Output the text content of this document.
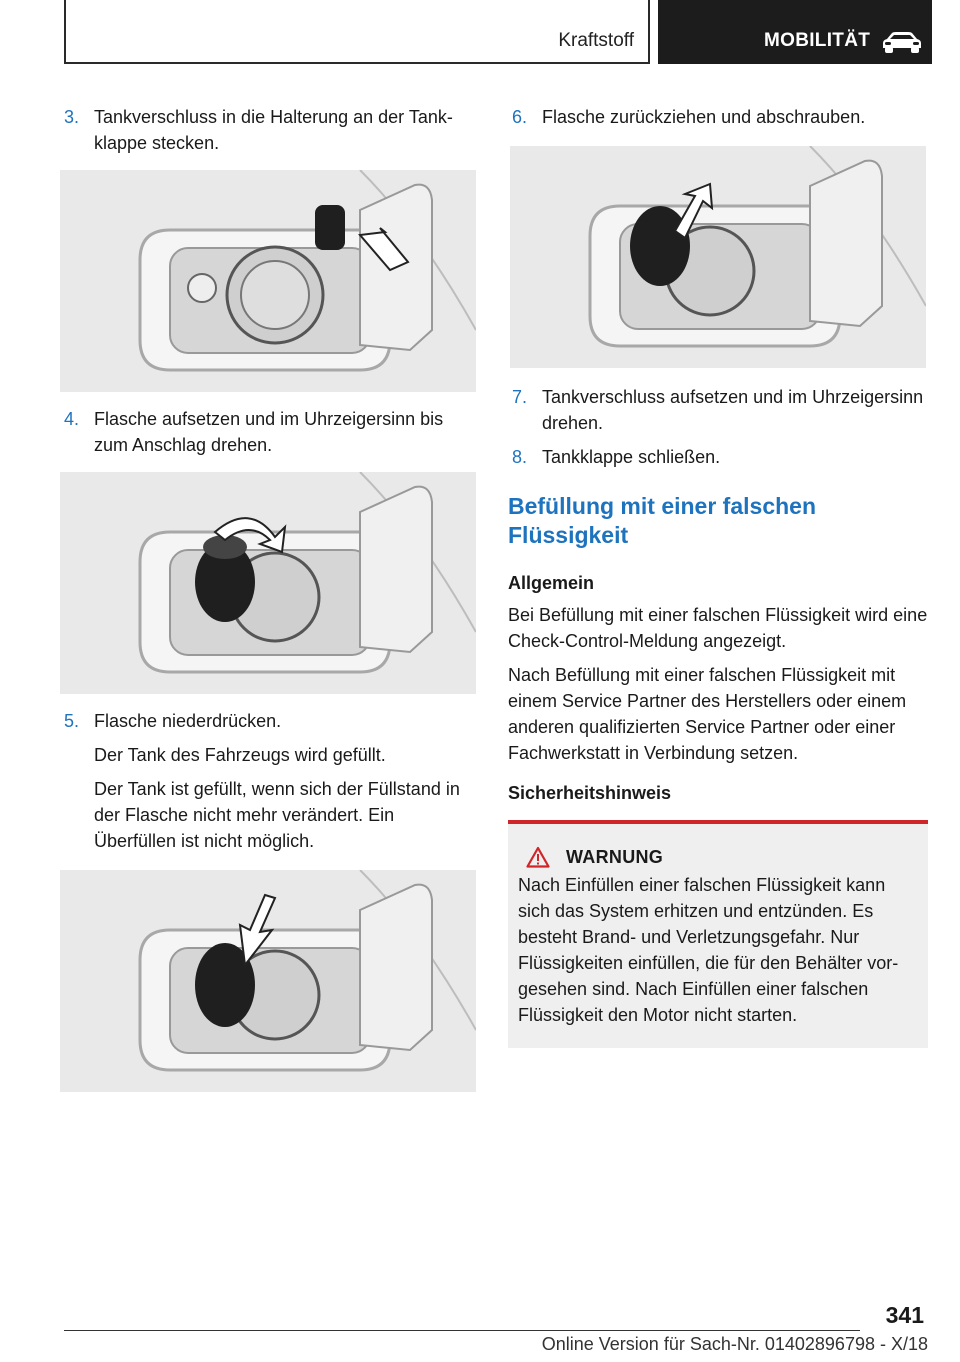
Kraftstoff	MOBILITÄT
3. Tankverschluss in die Halterung an der Tankklappe stecken.

4. Flasche aufsetzen und im Uhrzeigersinn bis zum Anschlag drehen.

5. Flasche niederdrücken.

Der Tank des Fahrzeugs wird gefüllt.

Der Tank ist gefüllt, wenn sich der Füllstand in der Flasche nicht mehr verändert. Ein Überfüllen ist nicht möglich.

6. Flasche zurückziehen und abschrauben.

7. Tankverschluss aufsetzen und im Uhrzeigersinn drehen.

8. Tankklappe schließen.

Befüllung mit einer falschen Flüssigkeit
Allgemein

Bei Befüllung mit einer falschen Flüssigkeit wird eine Check-Control-Meldung angezeigt.

Nach Befüllung mit einer falschen Flüssigkeit mit einem Service Partner des Herstellers oder einem anderen qualifizierten Service Partner oder einer Fachwerkstatt in Verbindung setzen.

Sicherheitshinweis
WARNUNG

Nach Einfüllen einer falschen Flüssigkeit kann sich das System erhitzen und entzünden. Es besteht Brand- und Verletzungsgefahr. Nur Flüssigkeiten einfüllen, die für den Behälter vorgesehen sind. Nach Einfüllen einer falschen Flüssigkeit den Motor nicht starten.

341
Online Version für Sach-Nr. 01402896798 - X/18
